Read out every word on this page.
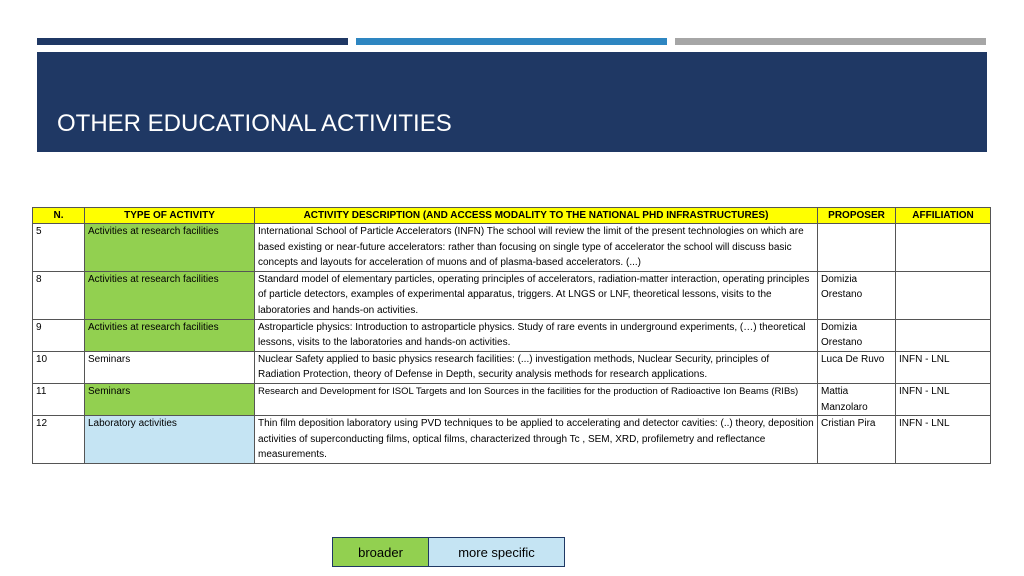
OTHER EDUCATIONAL ACTIVITIES
N.	TYPE OF ACTIVITY	ACTIVITY DESCRIPTION (AND ACCESS MODALITY TO THE NATIONAL PHD INFRASTRUCTURES)	PROPOSER	AFFILIATION
5	Activities at research facilities	International School of Particle Accelerators (INFN) The school will review the limit of the present technologies on which are based existing or near-future accelerators: rather than focusing on single type of accelerator the school will discuss basic concepts and layouts for acceleration of muons and of plasma-based accelerators. (...)		
8	Activities at research facilities	Standard model of elementary particles, operating principles of accelerators, radiation-matter interaction, operating principles of particle detectors, examples of experimental apparatus, triggers. At LNGS or LNF, theoretical lessons, visits to the laboratories and hands-on activities.	Domizia Orestano	
9	Activities at research facilities	Astroparticle physics: Introduction to astroparticle physics. Study of rare events in underground experiments, (…) theoretical lessons, visits to the laboratories and hands-on activities.	Domizia Orestano	
10	Seminars	Nuclear Safety applied to basic physics research facilities: (...) investigation methods, Nuclear Security, principles of Radiation Protection, theory of Defense in Depth, security analysis methods for research applications.	Luca De Ruvo	INFN - LNL
11	Seminars	Research and Development for ISOL Targets and Ion Sources in the facilities for the production of Radioactive Ion Beams (RIBs)	Mattia Manzolaro	INFN - LNL
12	Laboratory activities	Thin film deposition laboratory using PVD techniques to be applied to accelerating and detector cavities: (..) theory, deposition activities of superconducting films, optical films, characterized through Tc , SEM, XRD, profilemetry and reflectance measurements.	Cristian Pira	INFN - LNL
broader	more specific
